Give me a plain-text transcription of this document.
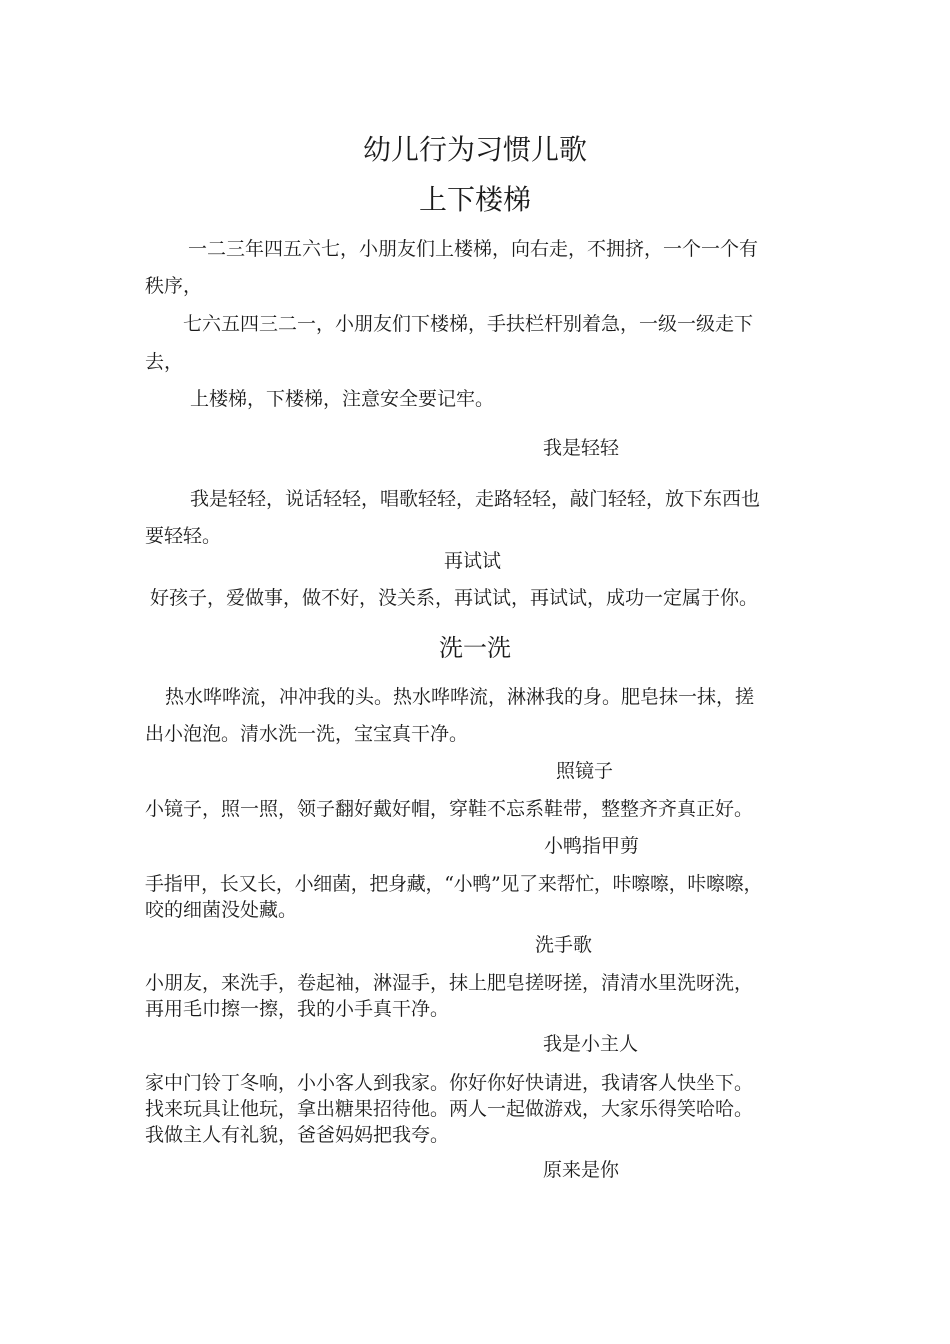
幼儿行为习惯儿歌
上下楼梯
一二三年四五六七，小朋友们上楼梯，向右走，不拥挤，一个一个有
秩序，
七六五四三二一，小朋友们下楼梯，手扶栏杆别着急，一级一级走下
去，
上楼梯，下楼梯，注意安全要记牢。
我是轻轻
我是轻轻，说话轻轻，唱歌轻轻，走路轻轻，敲门轻轻，放下东西也
要轻轻。
再试试
好孩子，爱做事，做不好，没关系，再试试，再试试，成功一定属于你。
洗一洗
热水哗哗流，冲冲我的头。热水哗哗流，淋淋我的身。肥皂抹一抹，搓
出小泡泡。清水洗一洗，宝宝真干净。
照镜子
小镜子，照一照，领子翻好戴好帽，穿鞋不忘系鞋带，整整齐齐真正好。
小鸭指甲剪
手指甲，长又长，小细菌，把身藏，“小鸭”见了来帮忙，咔嚓嚓，咔嚓嚓，
咬的细菌没处藏。
洗手歌
小朋友，来洗手，卷起袖，淋湿手，抹上肥皂搓呀搓，清清水里洗呀洗，
再用毛巾擦一擦，我的小手真干净。
我是小主人
家中门铃丁冬响，小小客人到我家。你好你好快请进，我请客人快坐下。
找来玩具让他玩，拿出糖果招待他。两人一起做游戏，大家乐得笑哈哈。
我做主人有礼貌，爸爸妈妈把我夸。
原来是你
